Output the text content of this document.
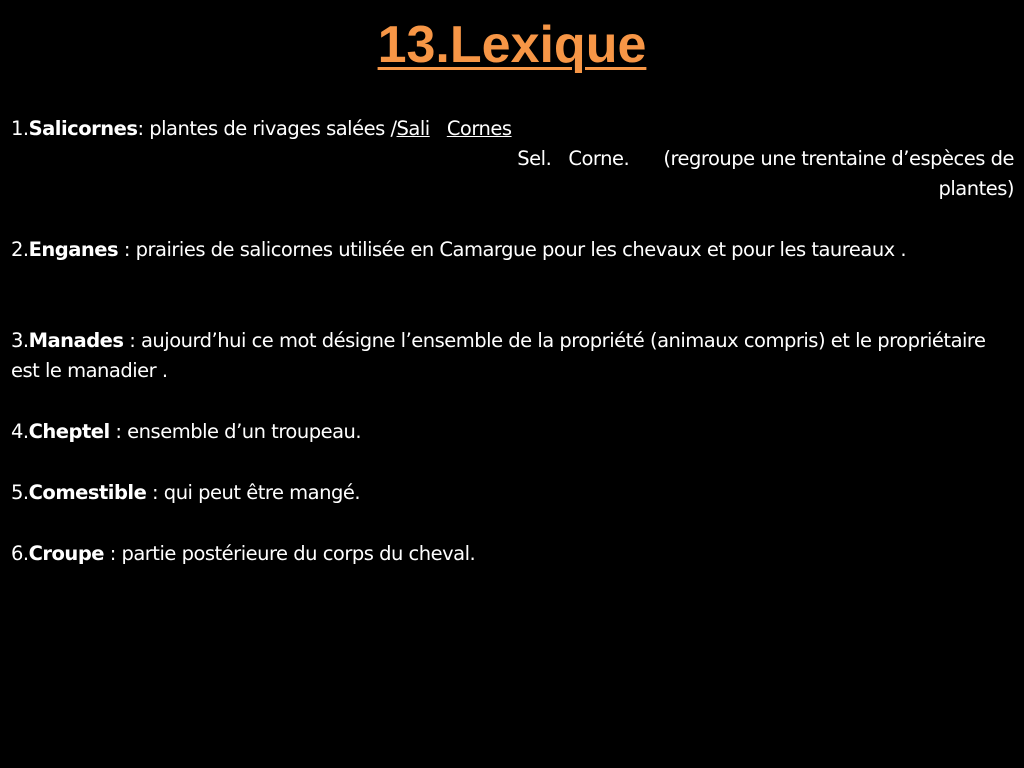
13.Lexique
1.Salicornes: plantes de rivages salées /Sali Cornes
Sel.   Corne.      (regroupe une trentaine d’espèces de
plantes)
2.Enganes : prairies de salicornes utilisée en Camargue pour les chevaux et pour les taureaux .
3.Manades : aujourd’hui ce mot désigne l’ensemble de la propriété (animaux compris) et le propriétaire est le manadier .
4.Cheptel : ensemble d’un troupeau.
5.Comestible : qui peut être mangé.
6.Croupe : partie postérieure du corps du cheval.
